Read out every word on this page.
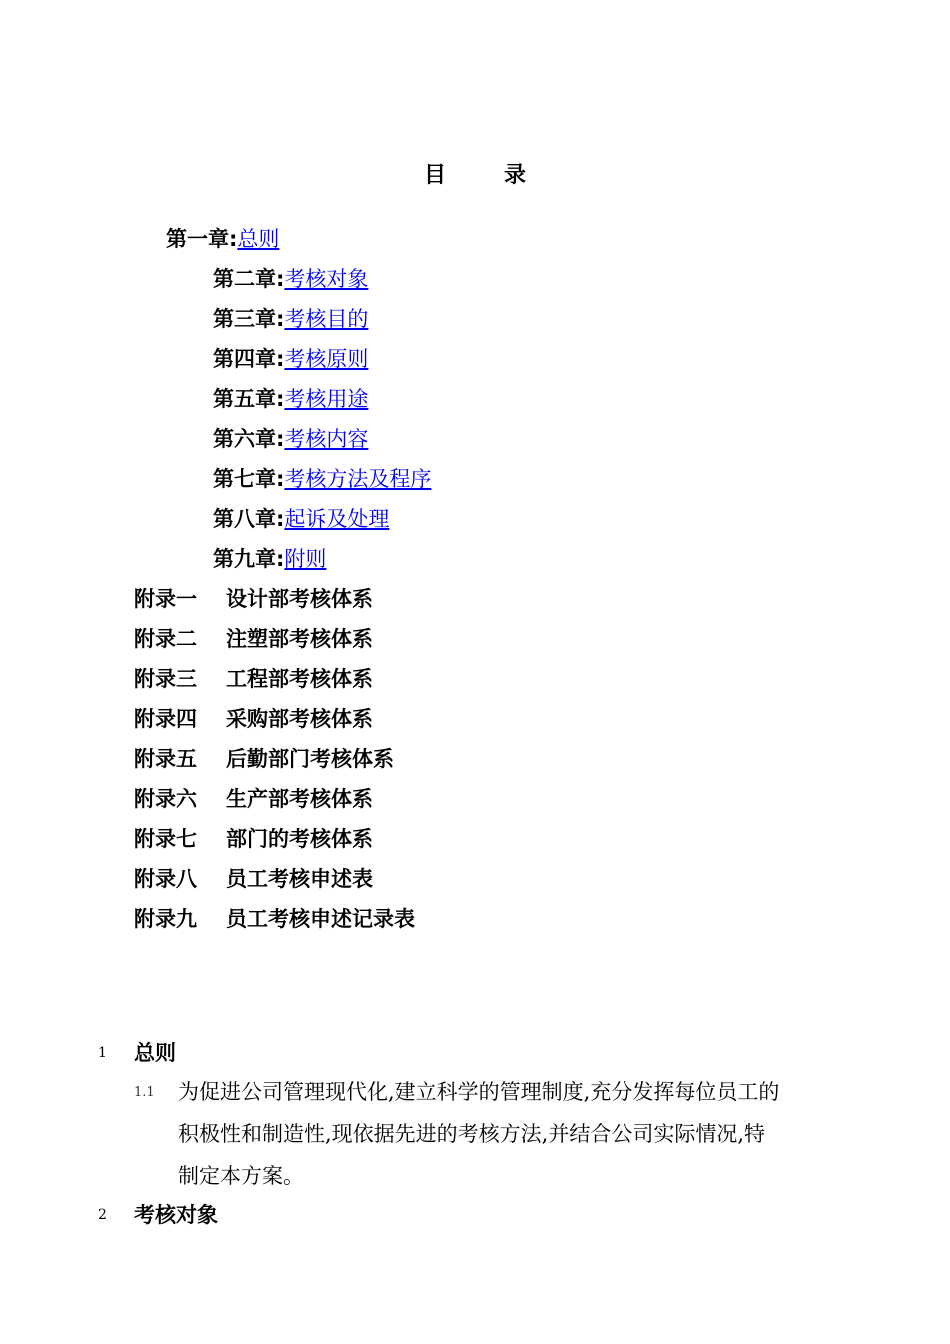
目	录
第一章:总则
第二章:考核对象
第三章:考核目的
第四章:考核原则
第五章:考核用途
第六章:考核内容
第七章:考核方法及程序
第八章:起诉及处理
第九章:附则
附录一 设计部考核体系
附录二 注塑部考核体系
附录三 工程部考核体系
附录四 采购部考核体系
附录五 后勤部门考核体系
附录六 生产部考核体系
附录七 部门的考核体系
附录八 员工考核申述表
附录九 员工考核申述记录表
1 总则
1.1 为促进公司管理现代化,建立科学的管理制度,充分发挥每位员工的
积极性和制造性,现依据先进的考核方法,并结合公司实际情况,特
制定本方案。
2 考核对象
